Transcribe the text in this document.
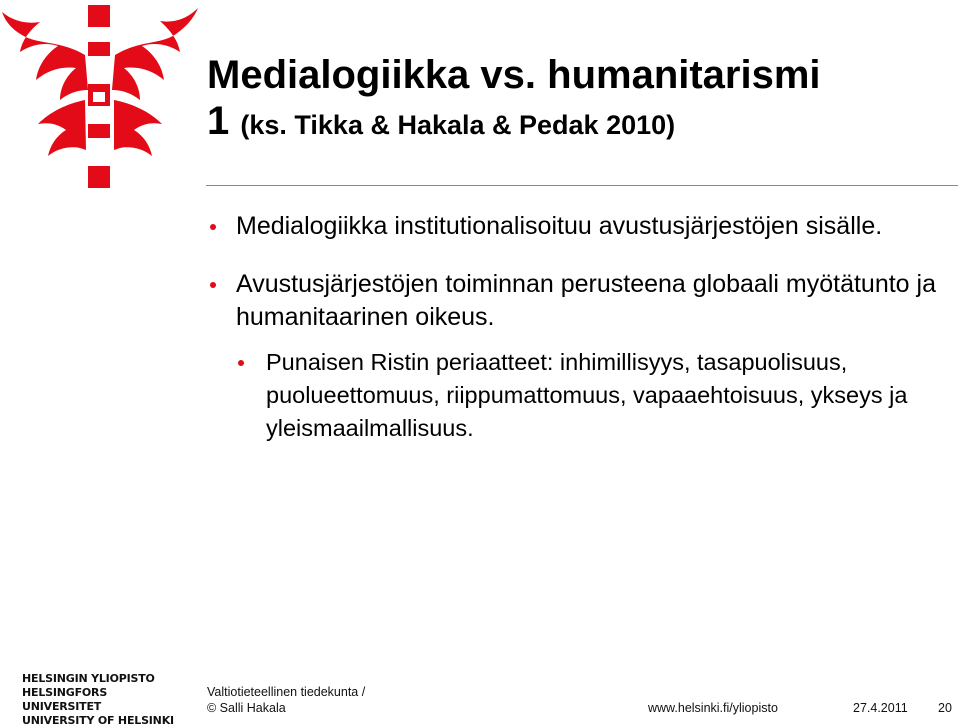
Medialogiikka vs. humanitarismi
1 (ks. Tikka & Hakala & Pedak 2010)
Medialogiikka institutionalisoituu avustusjärjestöjen sisälle.
Avustusjärjestöjen toiminnan perusteena globaali myötätunto ja humanitaarinen oikeus.
Punaisen Ristin periaatteet: inhimillisyys, tasapuolisuus, puolueettomuus, riippumattomuus, vapaaehtoisuus, ykseys ja yleismaailmallisuus.
HELSINGIN YLIOPISTO
HELSINGFORS UNIVERSITET
UNIVERSITY OF HELSINKI
Valtiotieteellinen tiedekunta /
© Salli Hakala	www.helsinki.fi/yliopisto	27.4.2011 20
